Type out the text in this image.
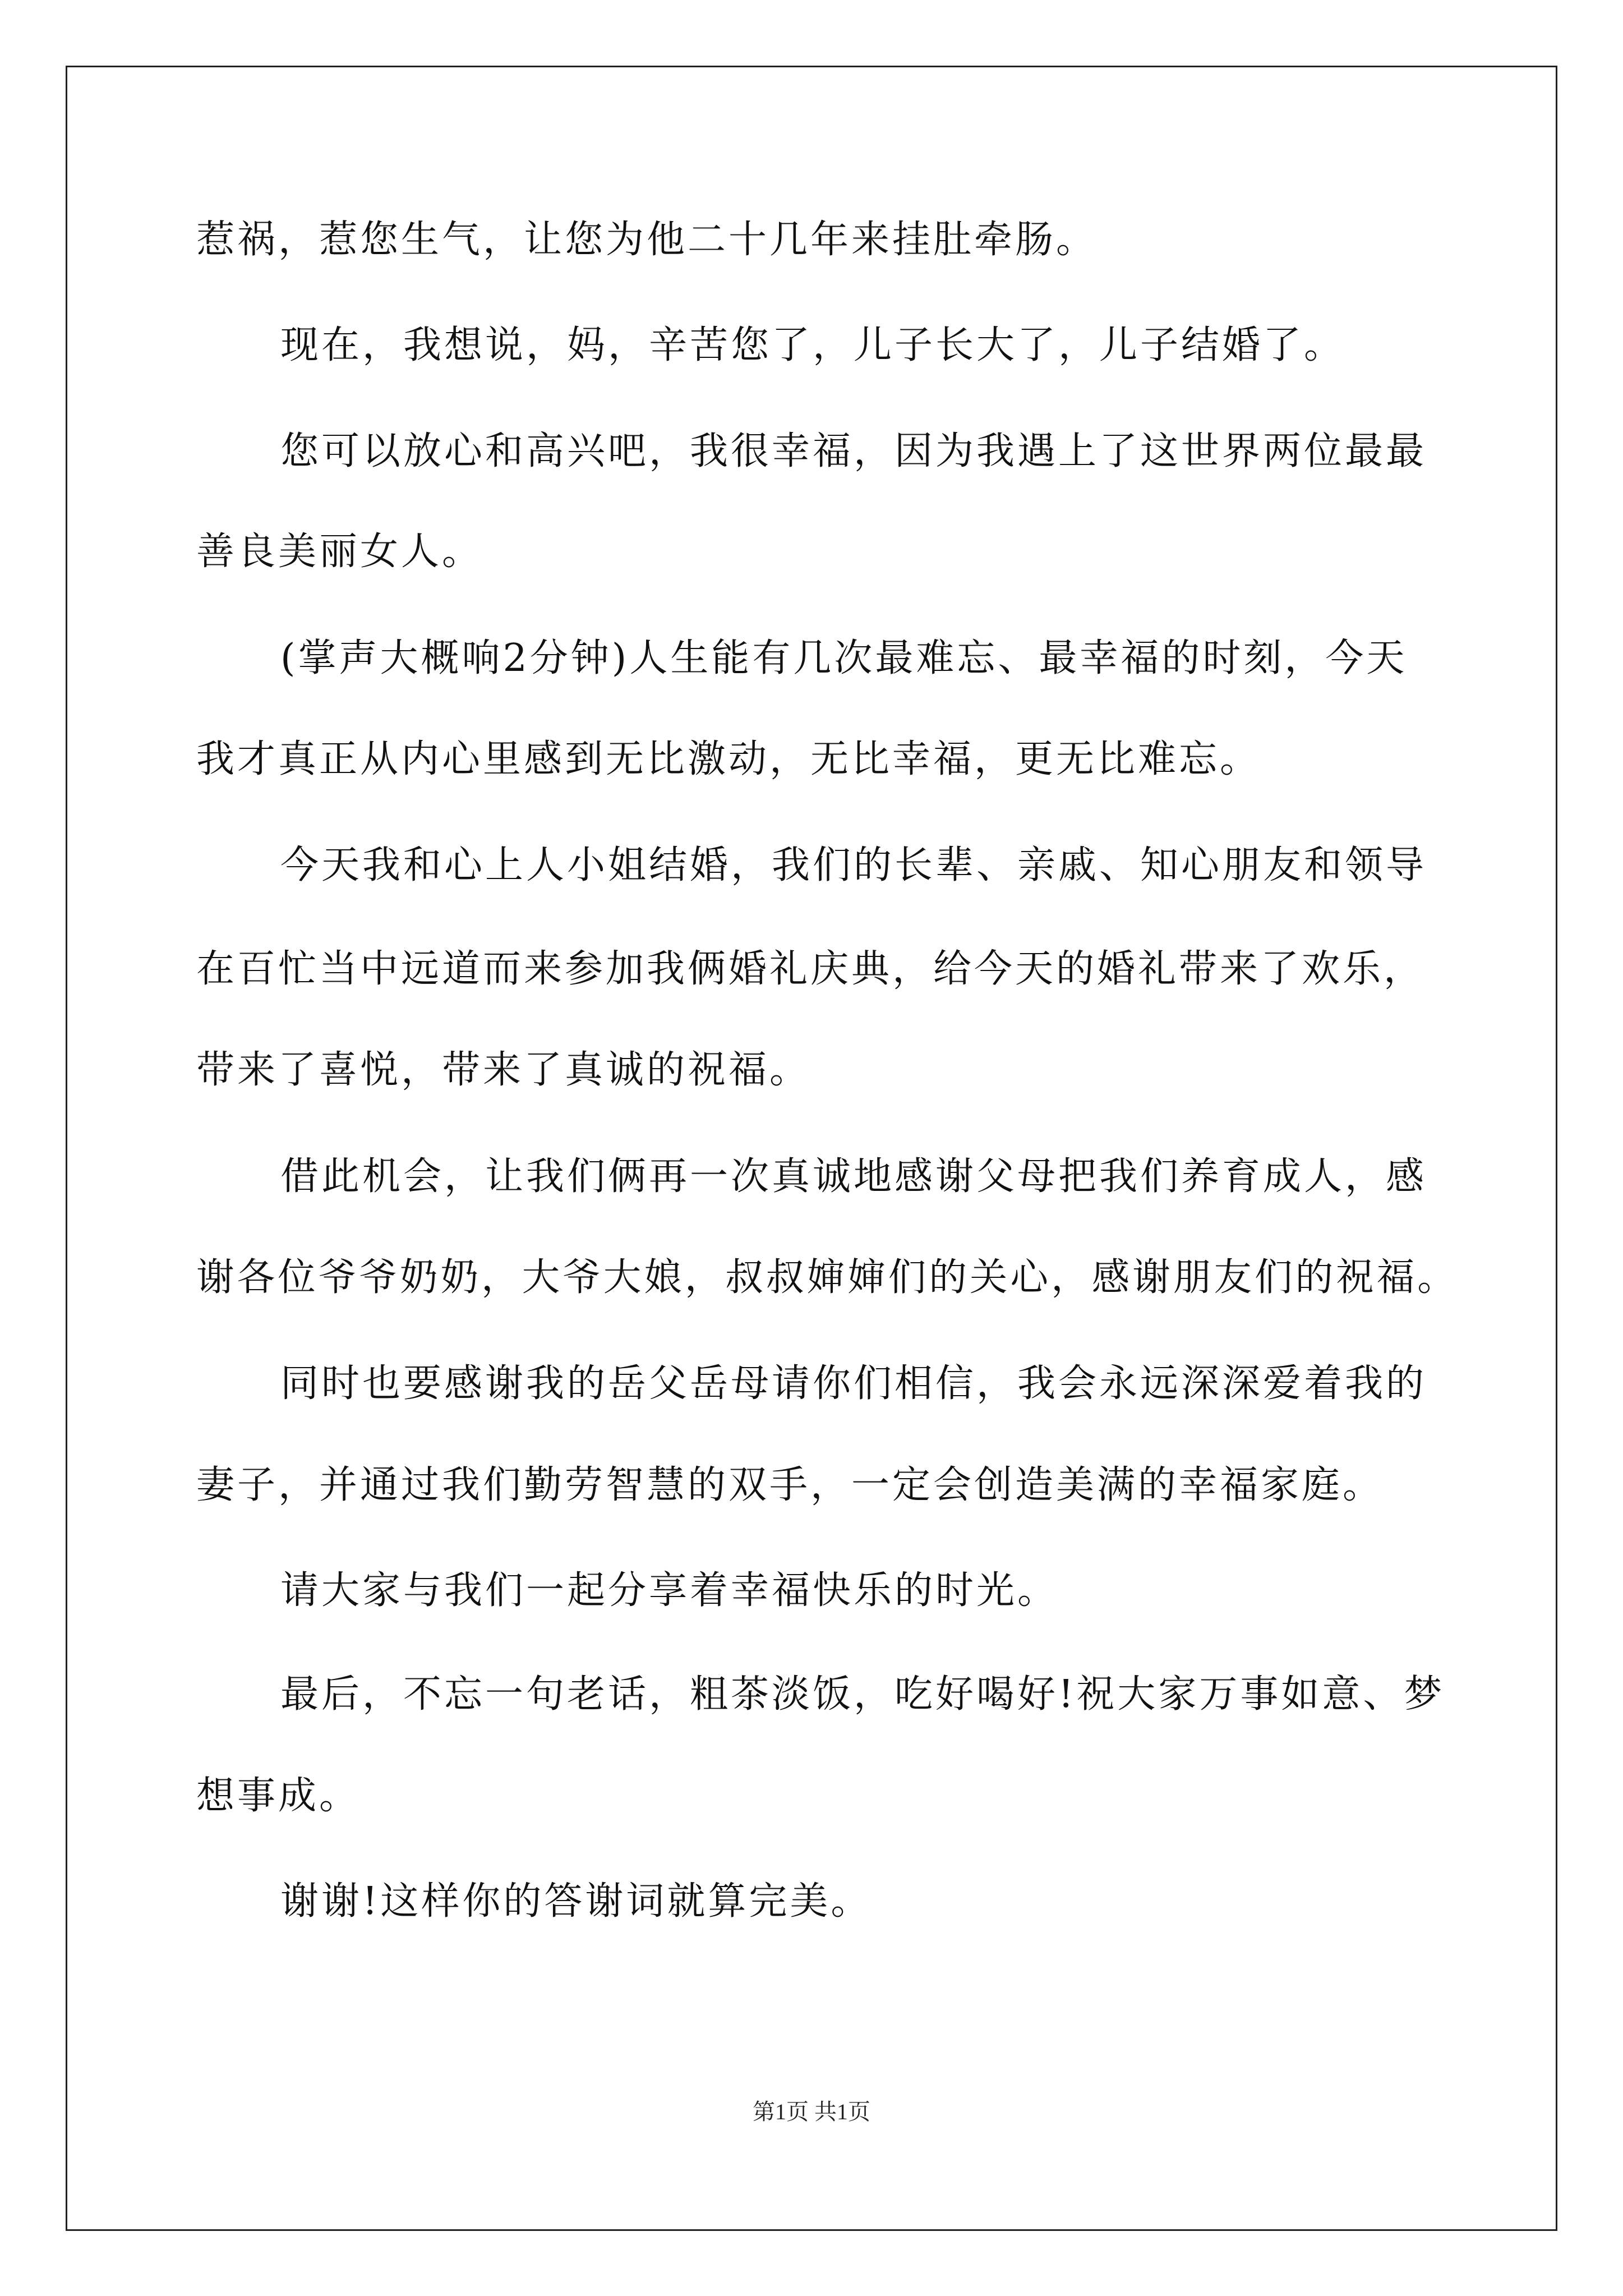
惹祸，惹您生气，让您为他二十几年来挂肚牵肠。
现在，我想说，妈，辛苦您了，儿子长大了，儿子结婚了。
您可以放心和高兴吧，我很幸福，因为我遇上了这世界两位最最
善良美丽女人。
(掌声大概响2分钟)人生能有几次最难忘、最幸福的时刻，今天
我才真正从内心里感到无比激动，无比幸福，更无比难忘。
今天我和心上人小姐结婚，我们的长辈、亲戚、知心朋友和领导
在百忙当中远道而来参加我俩婚礼庆典，给今天的婚礼带来了欢乐，
带来了喜悦，带来了真诚的祝福。
借此机会，让我们俩再一次真诚地感谢父母把我们养育成人，感
谢各位爷爷奶奶，大爷大娘，叔叔婶婶们的关心，感谢朋友们的祝福。
同时也要感谢我的岳父岳母请你们相信，我会永远深深爱着我的
妻子，并通过我们勤劳智慧的双手，一定会创造美满的幸福家庭。
请大家与我们一起分享着幸福快乐的时光。
最后，不忘一句老话，粗茶淡饭，吃好喝好!祝大家万事如意、梦
想事成。
谢谢!这样你的答谢词就算完美。
第1页 共1页
